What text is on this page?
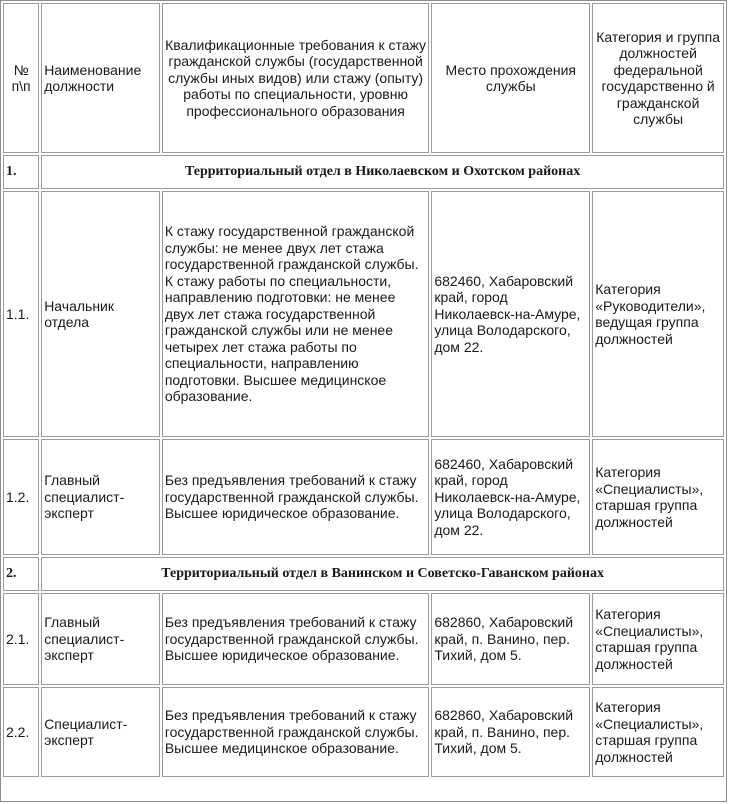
№ п\п	Наименование должности	Квалификационные требования к стажу гражданской службы (государственной службы иных видов) или стажу (опыту) работы по специальности, уровню профессионального образования	Место прохождения службы	Категория и группа должностей федеральной государственно й гражданской службы

1.	Территориальный отдел в Николаевском и Охотском районах			
1.1.	Начальник отдела	К стажу государственной гражданской службы: не менее двух лет стажа государственной гражданской службы. К стажу работы по специальности, направлению подготовки: не менее двух лет стажа государственной гражданской службы или не менее четырех лет стажа работы по специальности, направлению подготовки. Высшее медицинское образование.	682460, Хабаровский край, город Николаевск-на-Амуре, улица Володарского, дом 22.	Категория «Руководители», ведущая группа должностей
1.2.	Главный специалист-эксперт	Без предъявления требований к стажу государственной гражданской службы. Высшее юридическое образование.	682460, Хабаровский край, город Николаевск-на-Амуре, улица Володарского, дом 22.	Категория «Специалисты», старшая группа должностей
2.	Территориальный отдел в Ванинском и Советско-Гаванском районах			
2.1.	Главный специалист-эксперт	Без предъявления требований к стажу государственной гражданской службы. Высшее юридическое образование.	682860, Хабаровский край, п. Ванино, пер. Тихий, дом 5.	Категория «Специалисты», старшая группа должностей
2.2.	Специалист-эксперт	Без предъявления требований к стажу государственной гражданской службы. Высшее медицинское образование.	682860, Хабаровский край, п. Ванино, пер. Тихий, дом 5.	Категория «Специалисты», старшая группа должностей
